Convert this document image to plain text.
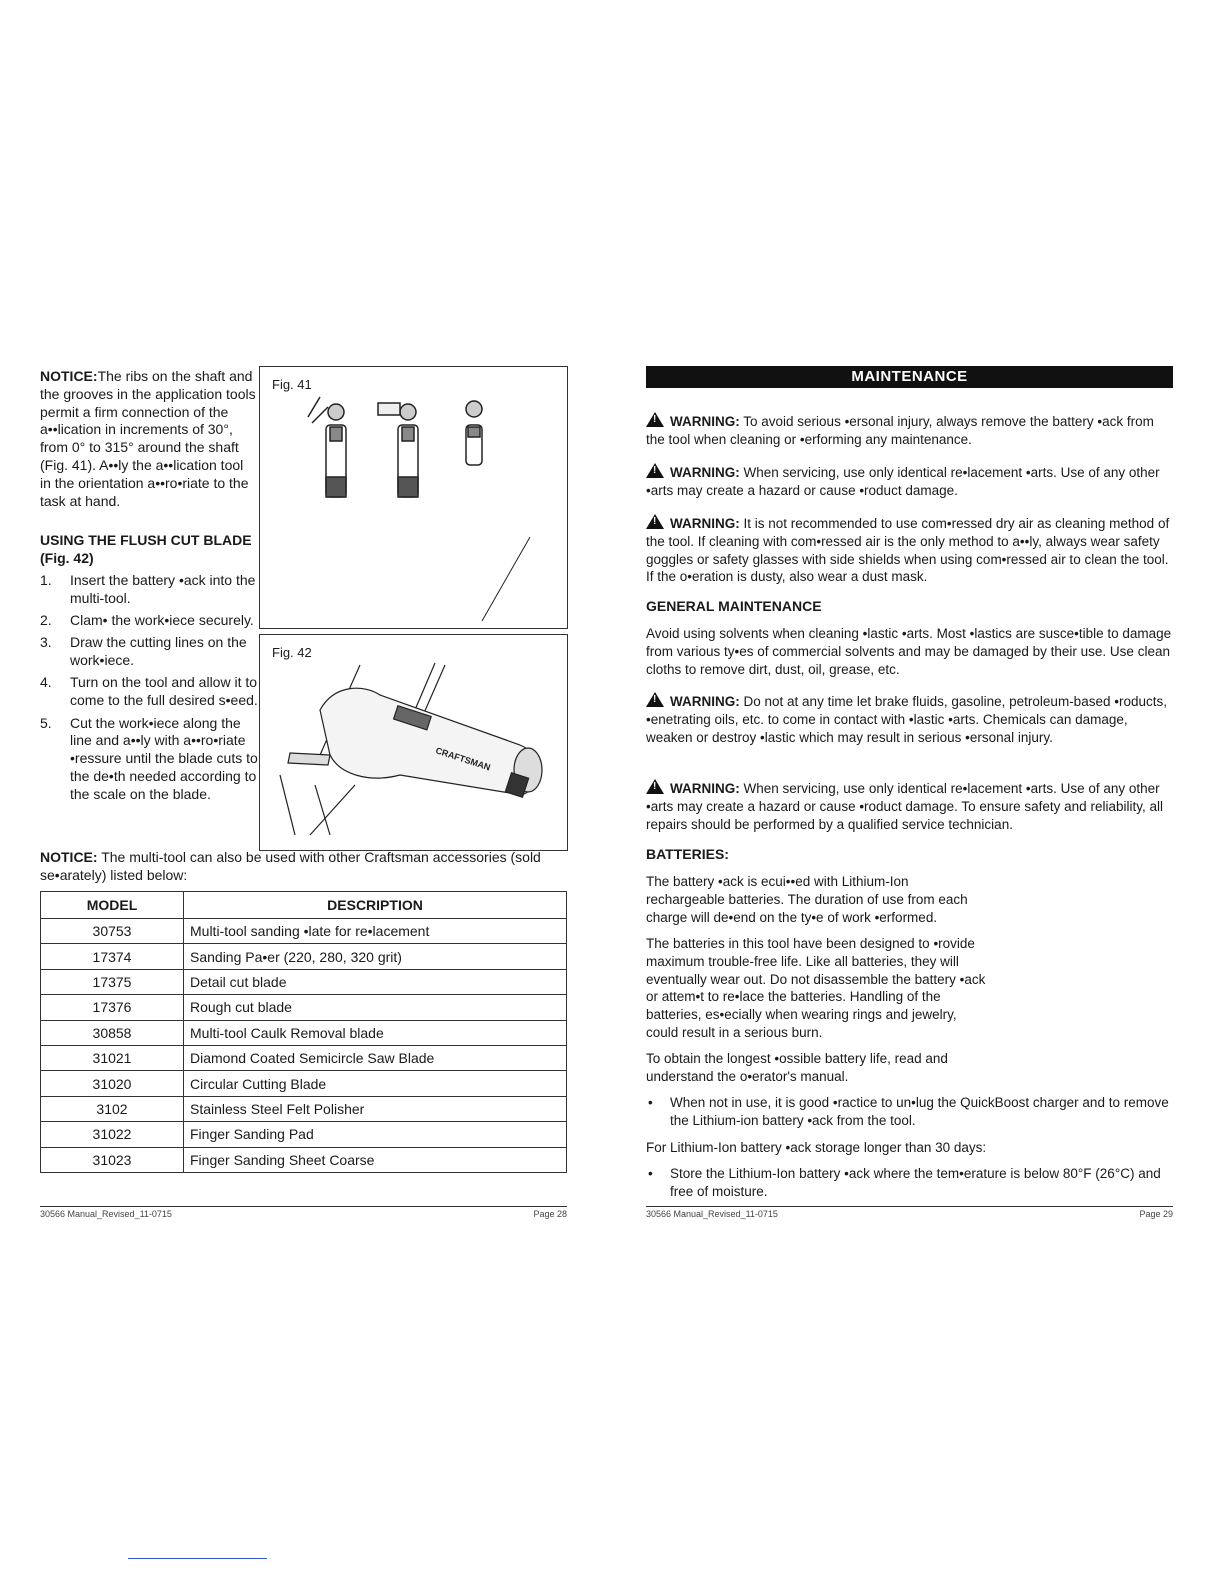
NOTICE:The ribs on the shaft and the grooves in the application tools permit a firm connection of the a••lication in increments of 30°, from 0° to 315° around the shaft (Fig. 41). A••ly the a••lication tool in the orientation a••ro•riate to the task at hand.
USING THE FLUSH CUT BLADE (Fig. 42)
1.	Insert the battery •ack into the multi-tool.
2.	Clam• the work•iece securely.
3.	Draw the cutting lines on the work•iece.
4.	Turn on the tool and allow it to come to the full desired s•eed.
5.	Cut the work•iece along the line and a••ly with a••ro•riate •ressure until the blade cuts to the de•th needed according to the scale on the blade.
Fig. 41
Fig. 42
CRAFTSMAN
NOTICE: The multi-tool can also be used with other Craftsman accessories (sold se•arately) listed below:
MODEL	DESCRIPTION
30753	Multi-tool sanding •late for re•lacement
17374	Sanding Pa•er (220, 280, 320 grit)
17375	Detail cut blade
17376	Rough cut blade
30858	Multi-tool Caulk Removal blade
31021	Diamond Coated Semicircle Saw Blade
31020	Circular Cutting Blade
3102	Stainless Steel Felt Polisher
31022	Finger Sanding Pad
31023	Finger Sanding Sheet Coarse
30566 Manual_Revised_11-0715	Page 28
MAINTENANCE
!WARNING: To avoid serious •ersonal injury, always remove the battery •ack from the tool when cleaning or •erforming any maintenance.
!WARNING: When servicing, use only identical re•lacement •arts. Use of any other •arts may create a hazard or cause •roduct damage.
!WARNING: It is not recommended to use com•ressed dry air as cleaning method of the tool. If cleaning with com•ressed air is the only method to a••ly, always wear safety goggles or safety glasses with side shields when using com•ressed air to clean the tool. If the o•eration is dusty, also wear a dust mask.
GENERAL MAINTENANCE
Avoid using solvents when cleaning •lastic •arts. Most •lastics are susce•tible to damage from various ty•es of commercial solvents and may be damaged by their use. Use clean cloths to remove dirt, dust, oil, grease, etc.
!WARNING: Do not at any time let brake fluids, gasoline, petroleum-based •roducts, •enetrating oils, etc. to come in contact with •lastic •arts. Chemicals can damage, weaken or destroy •lastic which may result in serious •ersonal injury.
!WARNING: When servicing, use only identical re•lacement •arts. Use of any other •arts may create a hazard or cause •roduct damage. To ensure safety and reliability, all repairs should be performed by a qualified service technician.
BATTERIES:
The battery •ack is ecui••ed with Lithium-Ion rechargeable batteries. The duration of use from each charge will de•end on the ty•e of work •erformed.
The batteries in this tool have been designed to •rovide maximum trouble-free life. Like all batteries, they will eventually wear out. Do not disassemble the battery •ack or attem•t to re•lace the batteries. Handling of the batteries, es•ecially when wearing rings and jewelry, could result in a serious burn.
To obtain the longest •ossible battery life, read and understand the o•erator's manual.
•	When not in use, it is good •ractice to un•lug the QuickBoost charger and to remove the Lithium-ion battery •ack from the tool.
For Lithium-Ion battery •ack storage longer than 30 days:
•	Store the Lithium-Ion battery •ack where the tem•erature is below 80°F (26°C) and free of moisture.
30566 Manual_Revised_11-0715	Page 29
